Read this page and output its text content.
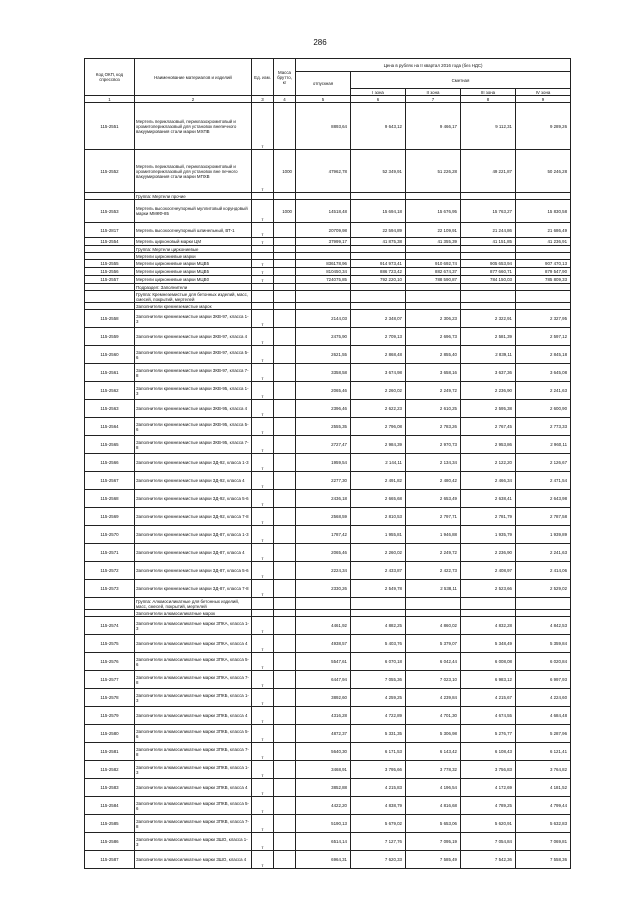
286
Код ОКП, код спрессвоз	Наименование материалов и изделий	Ед. изм.	Масса брутто, кг	Цена в рублях на II квартал 2016 года (без НДС)				
				отпускная	Сметная			
					I зона	II зона	III зона	IV зона
1	2	3	4	5	6	7	8	9
115-2551	Мертель периклазовый, периклазохромитовый и хромитопериклазовый для установок внепечного вакуумирования стали марки МХПВ	т		8893,64	9 643,12	9 466,17	9 112,31	9 289,26
115-2552	Мертель периклазовый, периклазохромитовый и хромитопериклазовый для установок вне печного вакуумирования стали марки МПХВ	т	1000	47962,78	52 349,91	51 226,28	49 221,87	50 246,28
	Группа: Мертели прочие							
115-2553	Мертель высокоогнеупорный муллитовый корундовый марки ММКФ-85	т	1000	14518,48	15 694,18	15 676,95	15 763,27	15 830,58
115-2817	Мертель высокоогнеупорный шпинельный, ВТ-1	т		20709,98	22 594,89	22 109,91	21 244,86	21 686,49
115-2554	Мертель цирконовый марки ЦМ	т		37999,17	41 875,38	41 355,39	41 151,85	41 236,91
	Группа: Мертели циркониевые							
	Мертели циркониевые марки							
115-2555	Мертели циркониевые марки МЦВ5	т		836178,96	914 973,41	910 692,74	905 653,94	907 470,13
115-2556	Мертели циркониевые марки МЦВ5	т		810450,34	886 723,42	882 674,37	877 660,71	879 547,90
115-2557	Мертели циркониевые марки МЦВ0	т		724075,85	792 220,10	788 590,87	784 150,03	785 809,33
	Подраздел: Заполнители							
	Группа: Кремнеземистые для бетонных изделий, масс, смесей, покрытий, мертелей							
	Заполнители кремнеземистые марок							
115-2558	Заполнители кремнеземистые марки ЗКВ-97, класса 1-3	т		2144,03	2 348,07	2 306,23	2 322,91	2 327,95
115-2559	Заполнители кремнеземистые марки ЗКВ-97, класса 4	т		2475,90	2 709,13	2 696,73	2 581,39	2 597,12
115-2560	Заполнители кремнеземистые марки ЗКВ-97, класса 5-6	т		2621,55	2 868,48	2 855,40	2 839,11	2 845,18
115-2561	Заполнители кремнеземистые марки ЗКВ-97, класса 7-8	т		3358,58	3 674,98	3 658,16	3 637,36	3 645,08
115-2562	Заполнители кремнеземистые марки ЗКВ-95, класса 1-3	т		2065,46	2 260,02	2 249,72	2 236,90	2 241,63
115-2563	Заполнители кремнеземистые марки ЗКВ-95, класса 4	т		2396,46	2 622,23	2 610,25	2 595,38	2 600,90
115-2564	Заполнители кремнеземистые марки ЗКВ-95, класса 5-6	т		2555,35	2 796,08	2 783,26	2 767,45	2 773,33
115-2565	Заполнители кремнеземистые марки ЗКВ-95, класса 7-8	т		2727,47	2 984,39	2 970,73	2 953,86	2 960,11
115-2566	Заполнители кремнеземистые марки ЗД-92, класса 1-3	т		1959,54	2 144,11	2 134,34	2 122,20	2 126,67
115-2567	Заполнители кремнеземистые марки ЗД-92, класса 4	т		2277,30	2 491,82	2 480,42	2 466,34	2 471,54
115-2568	Заполнители кремнеземистые марки ЗД-92, класса 5-6	т		2436,18	2 665,68	2 653,49	2 638,41	2 643,98
115-2569	Заполнители кремнеземистые марки ЗД-92, класса 7-8	т		2568,59	2 810,53	2 797,71	2 781,79	2 787,58
115-2570	Заполнители кремнеземистые марки ЗД-87, класса 1-3	т		1787,42	1 955,81	1 946,88	1 935,79	1 939,89
115-2571	Заполнители кремнеземистые марки ЗД-87, класса 4	т		2065,46	2 260,02	2 249,72	2 236,90	2 241,63
115-2572	Заполнители кремнеземистые марки ЗД-87, класса 5-6	т		2224,34	2 433,87	2 422,73	2 408,97	2 414,06
115-2573	Заполнители кремнеземистые марки ЗД-87, класса 7-8	т		2330,26	2 549,78	2 538,11	2 523,66	2 529,02
	Группа: Алюмосиликатные для бетонных изделий, масс, смесей, покрытий, мертелей							
	Заполнители алюмосиликатные марок							
115-2574	Заполнители алюмосиликатные марки ЗПКА, класса 1-3	т		4461,92	4 882,25	4 860,02	4 832,28	4 842,53
115-2575	Заполнители алюмосиликатные марки ЗПКА, класса 4	т		4938,57	5 403,76	5 379,07	5 348,49	5 359,84
115-2576	Заполнители алюмосиликатные марки ЗПКА, класса 5-6	т		5547,61	6 070,18	6 042,44	6 008,08	6 020,84
115-2577	Заполнители алюмосиликатные марки ЗПКА, класса 7-8	т		6447,94	7 055,36	7 023,10	6 983,12	6 997,93
115-2578	Заполнители алюмосиликатные марки ЗПКБ, класса 1-3	т		3892,60	4 259,25	4 239,84	4 215,67	4 224,60
115-2579	Заполнители алюмосиликатные марки ЗПКБ, класса 4	т		4316,28	4 722,89	4 701,30	4 674,55	4 684,48
115-2580	Заполнители алюмосиликатные марки ЗПКБ, класса 5-6	т		4872,37	5 331,35	5 306,98	5 276,77	5 287,96
115-2581	Заполнители алюмосиликатные марки ЗПКБ, класса 7-8	т		5640,30	6 171,53	6 143,42	6 108,43	6 121,41
115-2582	Заполнители алюмосиликатные марки ЗПКВ, класса 1-3	т		3468,91	3 795,66	3 778,32	3 756,83	3 764,82
115-2583	Заполнители алюмосиликатные марки ЗПКВ, класса 4	т		3852,88	4 215,83	4 196,54	4 172,69	4 181,52
115-2584	Заполнители алюмосиликатные марки ЗПКВ, класса 5-6	т		4422,20	4 838,79	4 816,68	4 789,25	4 799,44
115-2585	Заполнители алюмосиликатные марки ЗПКВ, класса 7-8	т		5190,13	5 679,02	5 653,06	5 620,91	5 632,83
115-2586	Заполнители алюмосиликатные марки ЗШО, класса 1-3	т		6514,14	7 127,76	7 095,19	7 054,84	7 069,81
115-2587	Заполнители алюмосиликатные марки ЗШО, класса 4	т		6964,31	7 620,33	7 585,49	7 542,36	7 558,36
